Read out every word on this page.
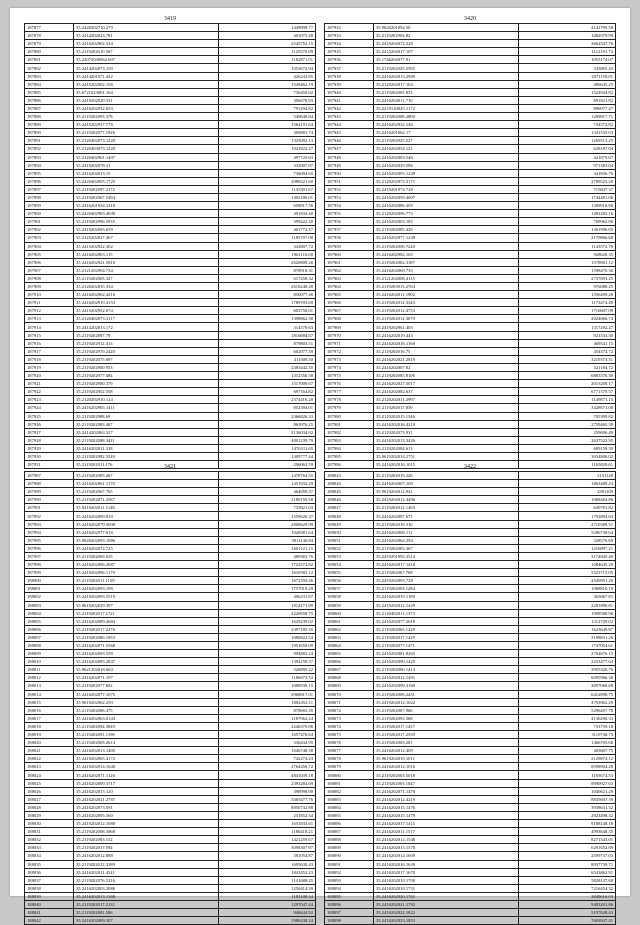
3419
187877	35.2420202710.279	1449898.77
187878	35.2414202023.781	401075.48
187879	35.2416202902.334	2545752.15
187880	35.2119202010.567	1125570.09
187881	35.22072040062.607	1182871.01
187882	35.2414202073.159	1053672.94
187883	35.2414201071.432	426243.85
187884	35.2415202002.158	1549462.19
187885	35.6721023001.164	736450.02
187886	35.2419202029.331	306678.83
187887	35.2416202932.653	791294.82
187888	35.2119202093.378	549648.84
187889	35.2415202937.778	1564191.64
187890	35.2119202077.1926	309881.74
187891	35.2120402073.1220	1325092.13
187892	35.2120403073.1220	1041822.27
187893	35.2120402961.1407	497725.63
187894	35.2419202078.31	332807.87
187895	35.2416202013.15	736094.65
187896	35.2420402065.1725	2986521.60
187897	35.2119202097.2172	1135391.67
187898	35.2119202067.5494	1492186.01
187899	35.2416201934.1216	658817.56
187900	35.2420402983.4949	491834.40
187901	35.2119202996.5935	399422.30
187902	35.2419202093.659	401772.57
187903	35.2125202027.467	1185707.08
187904	35.2415202922.302	343807.72
187905	35.2416202003.115	1961116.00
187906	35.2416202921.5810	2620809.26
187907	35.2121202994.734	878918.31
187908	35.2119202003.327	617258.32
187909	35.2120202035.334	2618248.28
187910	35.2416202062.4216	850077.46
187911	35.2416202919.4153	1789703.69
187912	35.2415202952.674	603756.01
187913	35.2120402073.3117	1398862.58
187914	35.2414202013.172	314570.63
187915	35.2119202897.79	1816684.57
187916	35.2119202912.413	879803.51
187917	35.2119202970.2420	602977.39
187918	35.2119202075.697	411509.50
187919	35.2119202900.953	2383442.35
187920	35.2119202977.484	1312356.58
187921	35.2119202900.379	1517009.67
187922	35.2119202952.558	697164.82
187923	35.2120202910.124	2374416.20
187924	35.2416202965.1411	852394.01
187925	35.2119202988.69	2366826.33
187926	35.2119202083.467	863976.25
187927	35.2414202063.327	2136034.92
187928	35.2119202088.3411	4891239.79
187929	35.2416202011.318	1476311.65
187930	35.2119202982.5549	1309777.44
187931	35.2119202911.176	296063.59
3420
187932	35.9620201092.50	4142799.58
187933	35.2119202904.82	1082979.99
187934	35.2419202072.228	3662547.76
187935	35.2415202017.107	1112191.73
187936	35.1746202077.91	1055174.07
187937	35.2119202025.5595	543865.43
187938	35.2416202013.2989	2071159.01
187939	35.2120202017.104	496645.25
187940	35.2119202005.833	1524944.82
187941	35.2416204011.710	691821.82
187942	35.2219120025.1172	896977.47
187943	35.2119202008.2800	1209817.71
187944	35.2416202932.146	734572.82
187945	35.2416201062.17	1341535.03
187946	35.2119202925.527	1269513.25
187947	35.2416202054.121	628187.04
187948	35.2416202003.546	421879.07
187949	35.2416202029.586	971383.04
187950	35.2416202093.1249	341836.76
187951	35.2120202972.3171	2789523.20
187952	35.2419201974.728	715847.37
187953	35.2416202059.4007	1744481.06
187954	35.2416202086.305	1309916.80
187955	35.2120202096.775	1492282.16
187956	35.2416202003.185	769962.86
187957	35.2119202085.429	1361996.83
187958	35.2416202977.1238	2170866.68
187959	35.2119202050.7220	1143572.76
187960	35.2416202982.165	928620.35
187961	35.2119202002.3187	1578901.12
187962	35.2416202069.735	1598470.30
187963	35.2121202008.4115	2737693.25
187964	35.2119203913.2704	976088.25
187965	35.2416202011.1902	1596499.26
187966	35.2119202012.3343	1173474.40
187967	35.2119202012.4753	1716607.09
187968	35.2119202012.3079	2024666.74
187969	35.2419202961.403	1317292.27
187970	35.2416202019.443	921533.30
187971	35.2416202016.1168	469541.15
187972	35.2119202016.75	454374.72
187973	35.2416202021.2819	3219373.31
187974	35.2416202007.82	321184.72
187975	35.2119202085.8106	6883576.30
187976	35.2416202027.3017	2013208.17
187977	35.2416202082.637	6771379.57
187978	35.2120202011.2997	1149871.15
187979	35.2119202017.839	3428671.00
187980	35.2119202015.1346	705399.82
187981	35.2416202016.4210	2759465.39
187982	35.2119202073.931	259696.49
187983	35.2416202015.3426	2637522.95
187984	35.2119202004.613	689159.39
187985	35.9619202014.2751	3034806.02
187986	35.2416202016.1015	1165829.61
3421
187987	35.2119202005.267	1478764.55
187988	35.2416202061.1170	1451932.29
187989	35.2119202067.765	464858.37
187990	35.2119202071.2587	2180159.58
187991	35.9419202011.1148	735821.03
187992	35.2416202009.810	1559620.37
187993	35.2416202079.5008	2800629.99
187994	35.2416202977.618	1026981.64
187995	35.9620202093.1086	3011136.84
187996	35.2416202074.725	1601121.15
187997	35.2119202069.635	480365.76
187998	35.2416202006.2087	1722572.82
187999	35.2419202096.1179	1610583.12
188000	35.2119202011.1159	1672594.26
188001	35.2416202093.198	1757019.29
188002	35.2419202095.5519	496231.87
188003	35.9619202029.397	1814171.99
188004	35.2119202017.1721	2220658.75
188005	35.2416202089.2684	1629239.02
188006	35.2119202017.2276	2397185.35
188007	35.2119202080.1053	1086822.54
188008	35.2416202071.5568	1951658.09
188009	35.2416202093.558	994882.24
188010	35.2416202083.2847	1394158.37
188011	35.9621202018.604	526895.22
188012	35.2416202071.197	1186673.53
188013	35.2119202977.602	1088939.15
188014	35.2416202077.1075	2968817.01
188015	35.9619202062.259	1082452.11
188016	35.2119202006.475	878665.35
188017	35.2416202063.6143	1187962.24
188018	35.2119202094.3849	2246379.86
188019	35.2119202091.1198	1657476.64
188020	35.2119202003.2614	336432.95
188021	35.2416202013.1405	1646748.58
188022	35.2419202005.4172	742274.23
188023	35.2419202014.1640	2764456.72
188024	35.2416202071.1126	4841039.18
188025	35.2416202009.3717	2393284.69
188026	35.2416202015.120	398998.90
188027	35.2416202021.2787	3365477.76
188028	35.2416202073.591	8856732.88
188029	35.2416202095.560	231852.34
188030	35.2419202012.1080	1651833.61
188031	35.2119202008.3068	1186418.21
188032	35.2119202083.152	1421259.67
188033	35.2119202017.594	3098307.97
188034	35.2416202012.888	381054.87
188035	35.2119202012.3189	1695630.43
188036	35.2416202011.4541	1843452.23
188037	35.2119202076.5216	1141688.25
188038	35.2416202003.2086	1256414.39
188039	35.2416202013.1368	1182108.34
188040	35.2119202017.2131	1297047.44
188041	35.2119202081.506	946644.92
188042	35.2416202009.307	1986238.24
3422
188043	35.2119202019.226	3131120
188044	35.2416202007.109	1863489.24
188045	35.9619202012.941	3381109
188046	35.2419202012.4496	1968464.86
188047	35.2119202012.1403	630781.82
188048	35.2416202087.671	1792892.63
188049	35.2119202019.316	2710389.51
188050	35.2416202008.111	5286738.64
188051	35.2416202064.294	328576.69
188052	35.2119202003.367	1216897.21
188053	35.2419201993.3514	3174845.40
188054	35.2416202017.1418	1084645.20
188055	35.2119202067.768	5523715.05
188056	35.2419202093.728	2549951.26
188057	35.2119202003.1284	1068810.10
188058	35.2416202019.1189	365667.81
188059	35.2419202012.1429	2281890.81
188060	35.2120402011.1373	1998580.96
188061	35.2416202077.2618	1312729.02
188062	35.2119202065.1228	1623649.87
188063	35.2119202017.1429	3198831.26
188064	35.2119202077.1471	1747054.61
188065	35.2416202081.8265	2764676.15
188066	35.2416202090.1425	2253477.64
188067	35.2119202000.1414	3955320.76
188068	35.2416202012.1491	6095966.30
188069	35.2416202099.3169	3097068.88
188070	35.2119202008.2431	6412898.75
188071	35.2419202012.1022	4793962.29
188072	35.2119202007.966	5296457.78
188073	35.2119202093.568	4136290.33
188074	35.2119202017.1457	733759.18
188075	35.2119202017.2559	3119736.73
188076	35.2119202003.281	1466703.68
188077	35.2416202012.409	403607.75
188078	35.9619202019.1011	2129874.12
188079	35.2416202012.1016	8598904.28
188080	35.2119202003.5018	1183674.53
188081	35.2119202003.1047	8990927.63
188082	35.2416202071.1470	1040621.29
188083	35.2416202012.4219	8835607.39
188084	35.2416202015.1476	3938631.52
188085	35.2416202015.1479	2923498.32
188086	35.2416202017.1415	9188148.18
188087	35.2416202011.1517	4993648.35
188088	35.2416202012.1548	8271543.01
188089	35.2416202013.1578	6291652.89
188090	35.2416202014.1609	2599737.03
188091	35.2416202016.1639	8937739.71
188092	35.2416202017.1670	6543862.91
188093	35.2416202019.1700	5828137.68
188094	35.2416202018.1731	7216454.32
188095	35.2416202020.1761	3849616.03
188096	35.2416202021.1792	9483201.86
188097	35.2416202022.1822	5197628.43
188098	35.2416202023.1853	7603947.41
